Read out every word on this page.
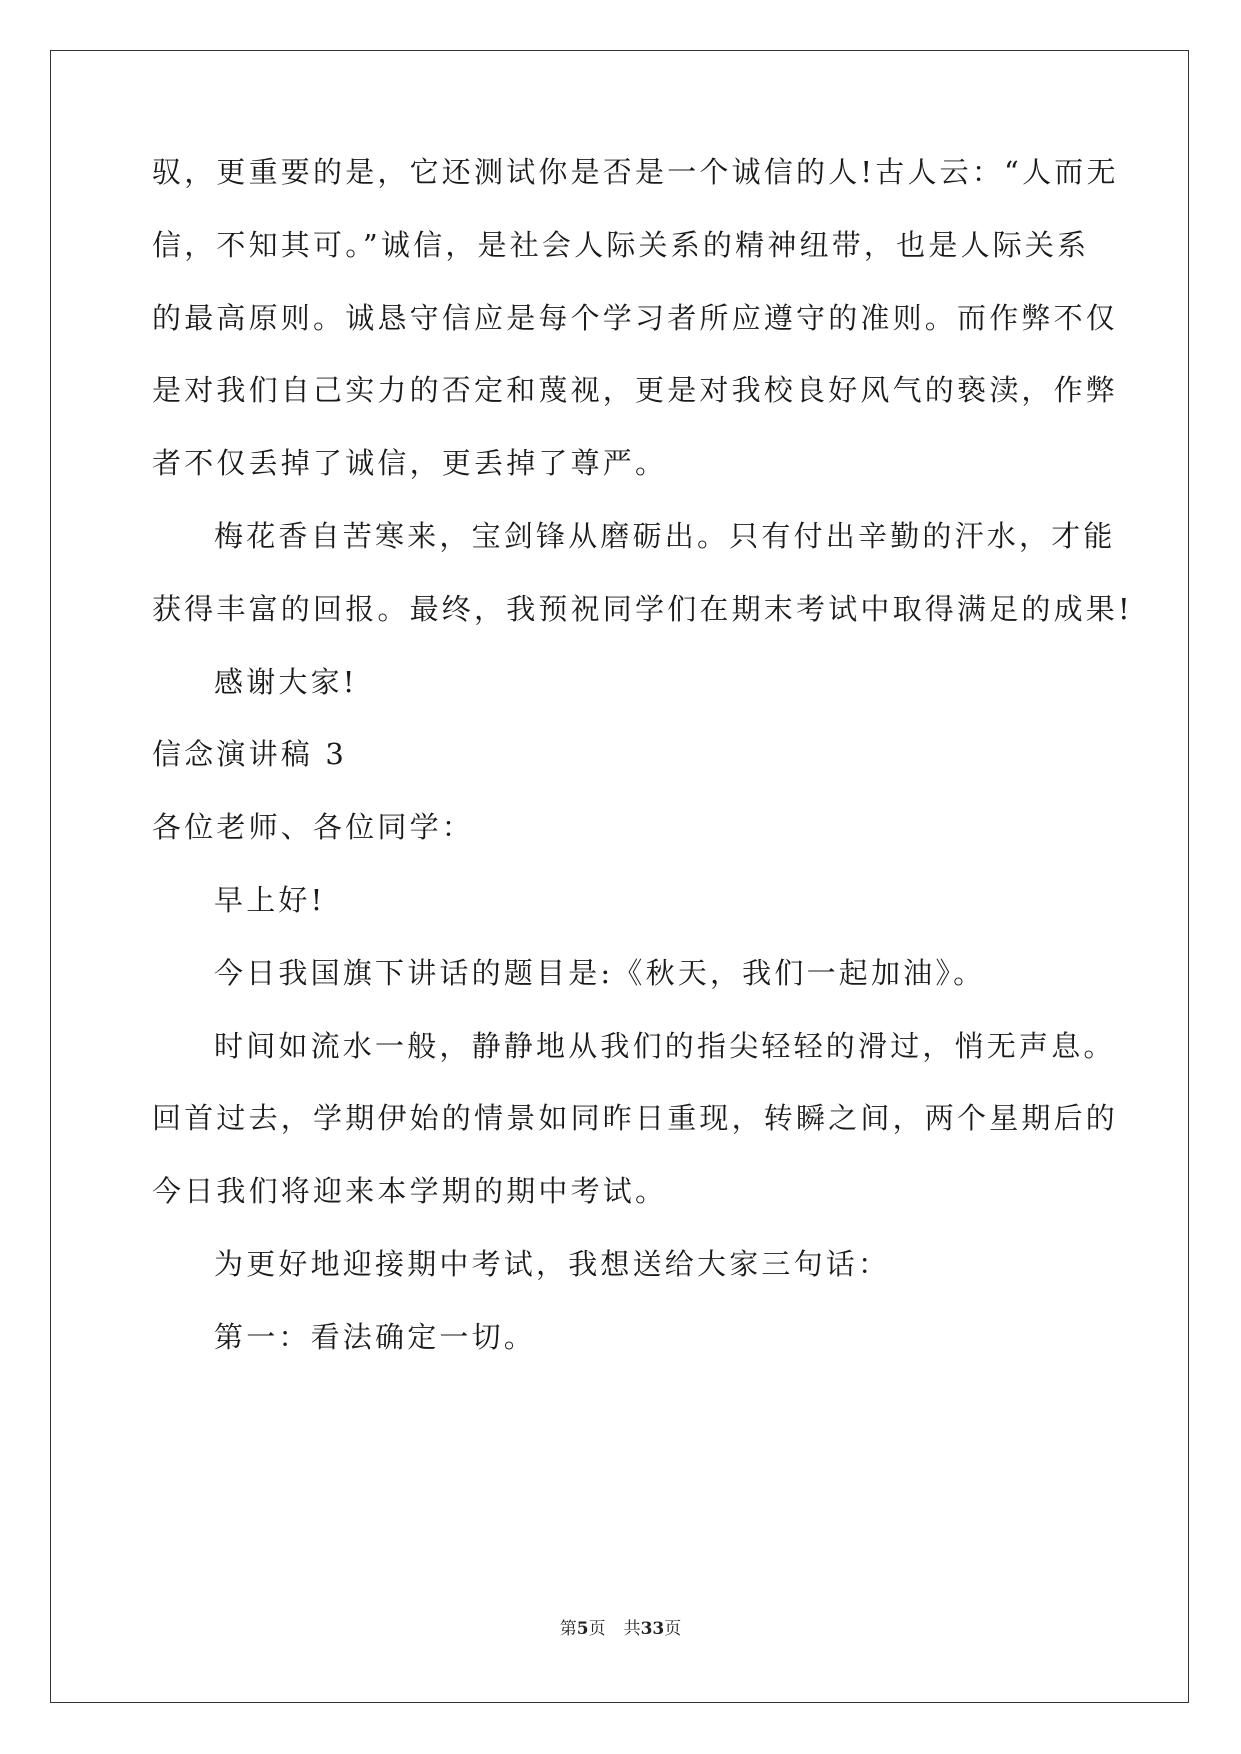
驭，更重要的是，它还测试你是否是一个诚信的人!古人云：“人而无
信，不知其可。”诚信，是社会人际关系的精神纽带，也是人际关系
的最高原则。诚恳守信应是每个学习者所应遵守的准则。而作弊不仅
是对我们自己实力的否定和蔑视，更是对我校良好风气的亵渎，作弊
者不仅丢掉了诚信，更丢掉了尊严。
梅花香自苦寒来，宝剑锋从磨砺出。只有付出辛勤的汗水，才能
获得丰富的回报。最终，我预祝同学们在期末考试中取得满足的成果!
感谢大家!
信念演讲稿 3
各位老师、各位同学：
早上好!
今日我国旗下讲话的题目是:《秋天，我们一起加油》。
时间如流水一般，静静地从我们的指尖轻轻的滑过，悄无声息。
回首过去，学期伊始的情景如同昨日重现，转瞬之间，两个星期后的
今日我们将迎来本学期的期中考试。
为更好地迎接期中考试，我想送给大家三句话：
第一：看法确定一切。
第5页 共33页
